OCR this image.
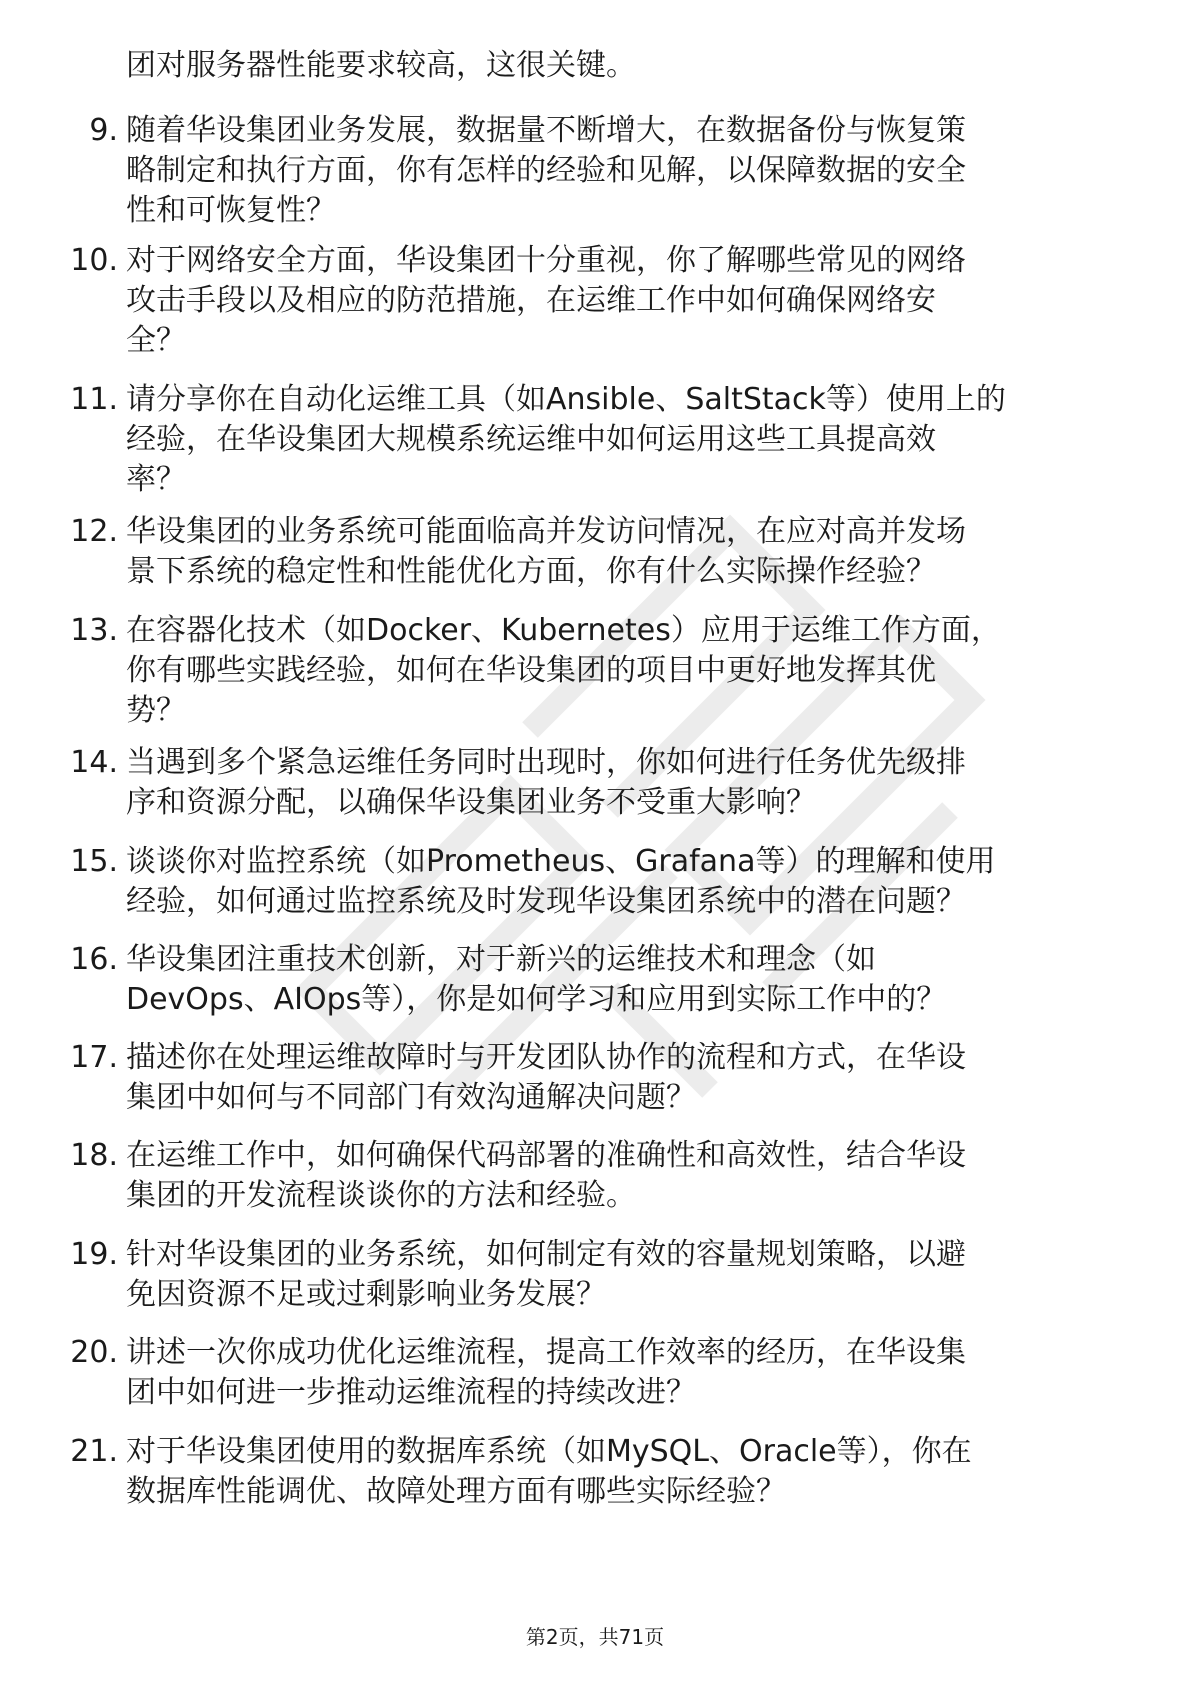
团对服务器性能要求较高，这很关键。
9. 随着华设集团业务发展，数据量不断增大，在数据备份与恢复策
略制定和执行方面，你有怎样的经验和见解，以保障数据的安全
性和可恢复性？
10. 对于网络安全方面，华设集团十分重视，你了解哪些常见的网络
攻击手段以及相应的防范措施，在运维工作中如何确保网络安
全？
11. 请分享你在自动化运维工具（如Ansible、SaltStack等）使用上的
经验，在华设集团大规模系统运维中如何运用这些工具提高效
率？
12. 华设集团的业务系统可能面临高并发访问情况，在应对高并发场
景下系统的稳定性和性能优化方面，你有什么实际操作经验？
13. 在容器化技术（如Docker、Kubernetes）应用于运维工作方面，
你有哪些实践经验，如何在华设集团的项目中更好地发挥其优
势？
14. 当遇到多个紧急运维任务同时出现时，你如何进行任务优先级排
序和资源分配，以确保华设集团业务不受重大影响？
15. 谈谈你对监控系统（如Prometheus、Grafana等）的理解和使用
经验，如何通过监控系统及时发现华设集团系统中的潜在问题？
16. 华设集团注重技术创新，对于新兴的运维技术和理念（如
DevOps、AIOps等），你是如何学习和应用到实际工作中的？
17. 描述你在处理运维故障时与开发团队协作的流程和方式，在华设
集团中如何与不同部门有效沟通解决问题？
18. 在运维工作中，如何确保代码部署的准确性和高效性，结合华设
集团的开发流程谈谈你的方法和经验。
19. 针对华设集团的业务系统，如何制定有效的容量规划策略，以避
免因资源不足或过剩影响业务发展？
20. 讲述一次你成功优化运维流程，提高工作效率的经历，在华设集
团中如何进一步推动运维流程的持续改进？
21. 对于华设集团使用的数据库系统（如MySQL、Oracle等），你在
数据库性能调优、故障处理方面有哪些实际经验？
第2页，共71页
